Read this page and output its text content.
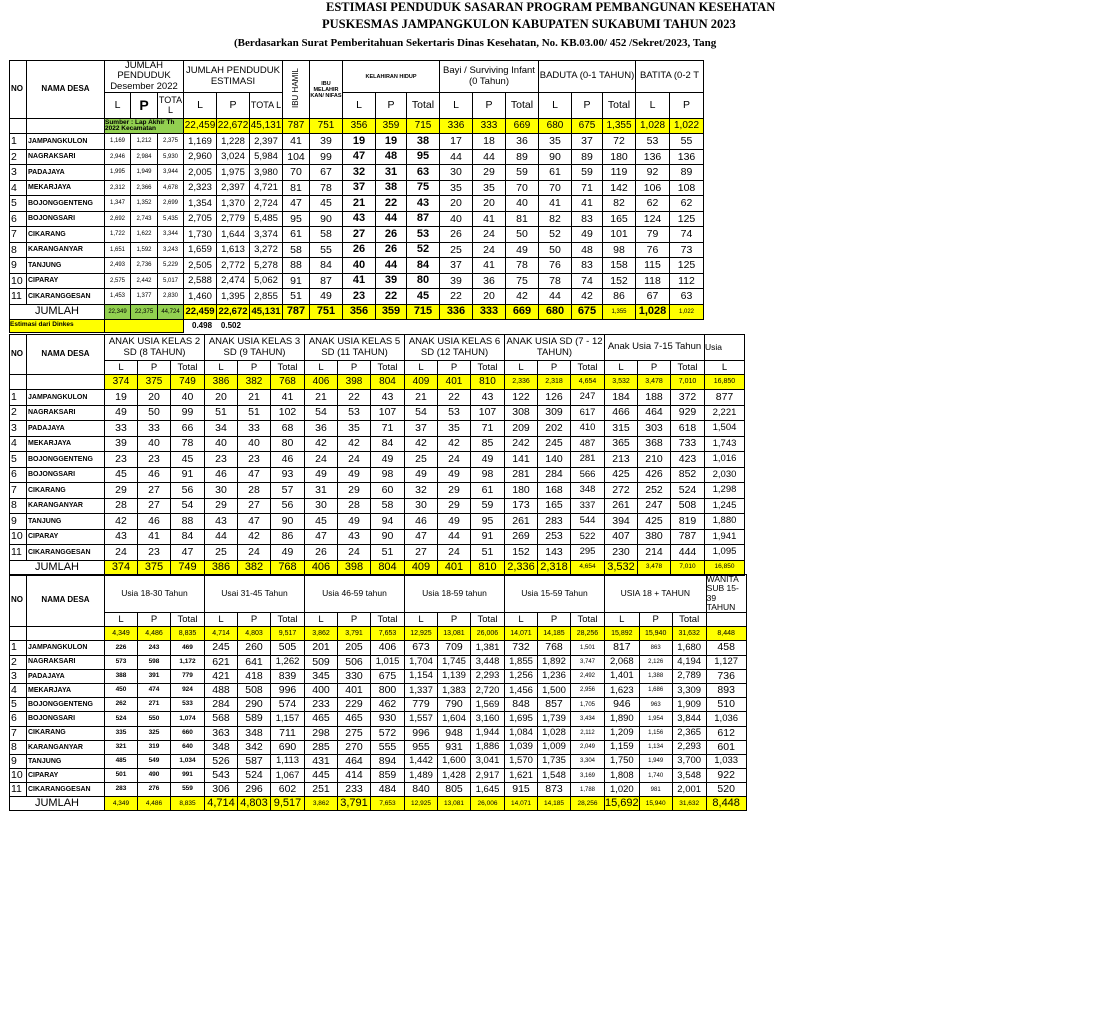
ESTIMASI PENDUDUK SASARAN PROGRAM PEMBANGUNAN KESEHATAN
PUSKESMAS JAMPANGKULON KABUPATEN SUKABUMI TAHUN 2023
(Berdasarkan Surat Pemberitahuan Sekertaris Dinas Kesehatan, No. KB.03.00/ 452 /Sekret/2023, Tang
NO	NAMA DESA	JUMLAH PENDUDUK Desember 2022			JUMLAH PENDUDUK ESTIMASI			IBU HAMIL	IBU MELAHIR KAN/ NIFAS	KELAHIRAN HIDUP			Bayi / Surviving Infant (0 Tahun)			BADUTA (0-1 TAHUN)			BATITA (0-2 T	
		L	P	TOTA L	L	P	TOTA L			L	P	Total	L	P	Total	L	P	Total	L	P
		Sumber : Lap Akhir Th 2022 Kecamatan			22,459	22,672	45,131	787	751	356	359	715	336	333	669	680	675	1,355	1,028	1,022
1	JAMPANGKULON	1,169	1,212	2,375	1,169	1,228	2,397	41	39	19	19	38	17	18	36	35	37	72	53	55
2	NAGRAKSARI	2,946	2,984	5,930	2,960	3,024	5,984	104	99	47	48	95	44	44	89	90	89	180	136	136
3	PADAJAYA	1,995	1,949	3,944	2,005	1,975	3,980	70	67	32	31	63	30	29	59	61	59	119	92	89
4	MEKARJAYA	2,312	2,366	4,678	2,323	2,397	4,721	81	78	37	38	75	35	35	70	70	71	142	106	108
5	BOJONGGENTENG	1,347	1,352	2,699	1,354	1,370	2,724	47	45	21	22	43	20	20	40	41	41	82	62	62
6	BOJONGSARI	2,692	2,743	5,435	2,705	2,779	5,485	95	90	43	44	87	40	41	81	82	83	165	124	125
7	CIKARANG	1,722	1,622	3,344	1,730	1,644	3,374	61	58	27	26	53	26	24	50	52	49	101	79	74
8	KARANGANYAR	1,651	1,592	3,243	1,659	1,613	3,272	58	55	26	26	52	25	24	49	50	48	98	76	73
9	TANJUNG	2,493	2,736	5,229	2,505	2,772	5,278	88	84	40	44	84	37	41	78	76	83	158	115	125
10	CIPARAY	2,575	2,442	5,017	2,588	2,474	5,062	91	87	41	39	80	39	36	75	78	74	152	118	112
11	CIKARANGGESAN	1,453	1,377	2,830	1,460	1,395	2,855	51	49	23	22	45	22	20	42	44	42	86	67	63
JUMLAH		22,349	22,375	44,724	22,459	22,672	45,131	787	751	356	359	715	336	333	669	680	675	1,355	1,028	1,022
Estimasi dari Dinkes					0.498 0.502															
NO	NAMA DESA	ANAK USIA KELAS 2 SD (8 TAHUN)			ANAK USIA KELAS 3 SD (9 TAHUN)			ANAK USIA KELAS 5 SD (11 TAHUN)			ANAK USIA KELAS 6 SD (12 TAHUN)			ANAK USIA SD (7 - 12 TAHUN)			Anak Usia 7-15 Tahun			Usia
		L	P	Total	L	P	Total	L	P	Total	L	P	Total	L	P	Total	L	P	Total	L
		374	375	749	386	382	768	406	398	804	409	401	810	2,336	2,318	4,654	3,532	3,478	7,010	16,850
1	JAMPANGKULON	19	20	40	20	21	41	21	22	43	21	22	43	122	126	247	184	188	372	877
2	NAGRAKSARI	49	50	99	51	51	102	54	53	107	54	53	107	308	309	617	466	464	929	2,221
3	PADAJAYA	33	33	66	34	33	68	36	35	71	37	35	71	209	202	410	315	303	618	1,504
4	MEKARJAYA	39	40	78	40	40	80	42	42	84	42	42	85	242	245	487	365	368	733	1,743
5	BOJONGGENTENG	23	23	45	23	23	46	24	24	49	25	24	49	141	140	281	213	210	423	1,016
6	BOJONGSARI	45	46	91	46	47	93	49	49	98	49	49	98	281	284	566	425	426	852	2,030
7	CIKARANG	29	27	56	30	28	57	31	29	60	32	29	61	180	168	348	272	252	524	1,298
8	KARANGANYAR	28	27	54	29	27	56	30	28	58	30	29	59	173	165	337	261	247	508	1,245
9	TANJUNG	42	46	88	43	47	90	45	49	94	46	49	95	261	283	544	394	425	819	1,880
10	CIPARAY	43	41	84	44	42	86	47	43	90	47	44	91	269	253	522	407	380	787	1,941
11	CIKARANGGESAN	24	23	47	25	24	49	26	24	51	27	24	51	152	143	295	230	214	444	1,095
JUMLAH		374	375	749	386	382	768	406	398	804	409	401	810	2,336	2,318	4,654	3,532	3,478	7,010	16,850
NO	NAMA DESA	Usia 18-30 Tahun			Usai 31-45 Tahun			Usia 46-59 tahun			Usia 18-59 tahun			Usia 15-59 Tahun			USIA 18 + TAHUN			WANITA SUB 15-39 TAHUN
		L	P	Total	L	P	Total	L	P	Total	L	P	Total	L	P	Total	L	P	Total	
		4,349	4,486	8,835	4,714	4,803	9,517	3,862	3,791	7,653	12,925	13,081	26,006	14,071	14,185	28,256	15,892	15,940	31,632	8,448
1	JAMPANGKULON	226	243	469	245	260	505	201	205	406	673	709	1,381	732	768	1,501	817	863	1,680	458
2	NAGRAKSARI	573	598	1,172	621	641	1,262	509	506	1,015	1,704	1,745	3,448	1,855	1,892	3,747	2,068	2,126	4,194	1,127
3	PADAJAYA	388	391	779	421	418	839	345	330	675	1,154	1,139	2,293	1,256	1,236	2,492	1,401	1,388	2,789	736
4	MEKARJAYA	450	474	924	488	508	996	400	401	800	1,337	1,383	2,720	1,456	1,500	2,956	1,623	1,686	3,309	893
5	BOJONGGENTENG	262	271	533	284	290	574	233	229	462	779	790	1,569	848	857	1,705	946	963	1,909	510
6	BOJONGSARI	524	550	1,074	568	589	1,157	465	465	930	1,557	1,604	3,160	1,695	1,739	3,434	1,890	1,954	3,844	1,036
7	CIKARANG	335	325	660	363	348	711	298	275	572	996	948	1,944	1,084	1,028	2,112	1,209	1,156	2,365	612
8	KARANGANYAR	321	319	640	348	342	690	285	270	555	955	931	1,886	1,039	1,009	2,049	1,159	1,134	2,293	601
9	TANJUNG	485	549	1,034	526	587	1,113	431	464	894	1,442	1,600	3,041	1,570	1,735	3,304	1,750	1,949	3,700	1,033
10	CIPARAY	501	490	991	543	524	1,067	445	414	859	1,489	1,428	2,917	1,621	1,548	3,169	1,808	1,740	3,548	922
11	CIKARANGGESAN	283	276	559	306	296	602	251	233	484	840	805	1,645	915	873	1,788	1,020	981	2,001	520
JUMLAH		4,349	4,486	8,835	4,714	4,803	9,517	3,862	3,791	7,653	12,925	13,081	26,006	14,071	14,185	28,256	15,692	15,940	31,632	8,448
